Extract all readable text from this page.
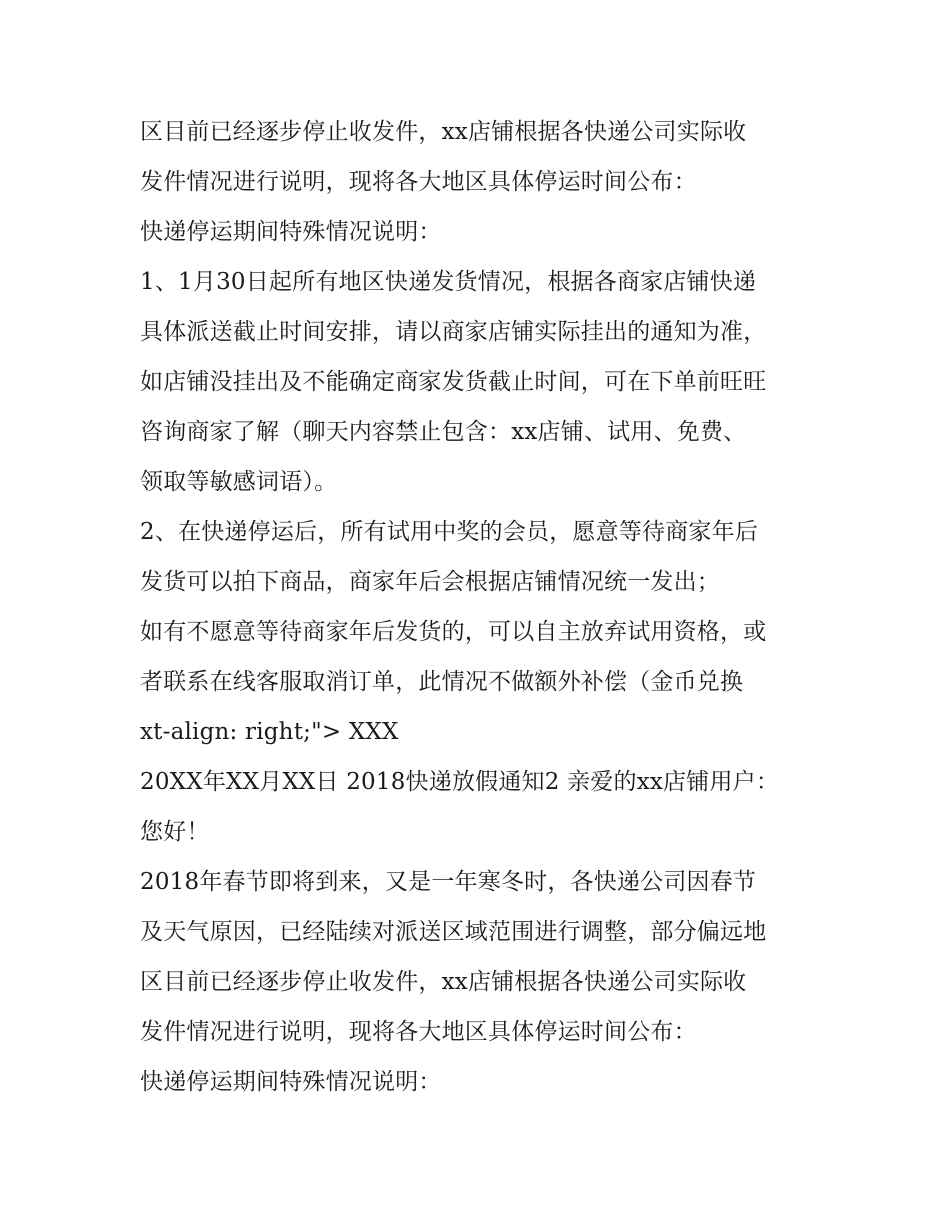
区目前已经逐步停止收发件，xx店铺根据各快递公司实际收
发件情况进行说明，现将各大地区具体停运时间公布：
快递停运期间特殊情况说明：
1、1月30日起所有地区快递发货情况，根据各商家店铺快递
具体派送截止时间安排，请以商家店铺实际挂出的通知为准，
如店铺没挂出及不能确定商家发货截止时间，可在下单前旺旺
咨询商家了解（聊天内容禁止包含：xx店铺、试用、免费、
领取等敏感词语）。
2、在快递停运后，所有试用中奖的会员，愿意等待商家年后
发货可以拍下商品，商家年后会根据店铺情况统一发出；
如有不愿意等待商家年后发货的，可以自主放弃试用资格，或
者联系在线客服取消订单，此情况不做额外补偿（金币兑换
xt-align: right;"> XXX
20XX年XX月XX日 2018快递放假通知2 亲爱的xx店铺用户：
您好！
2018年春节即将到来，又是一年寒冬时，各快递公司因春节
及天气原因，已经陆续对派送区域范围进行调整，部分偏远地
区目前已经逐步停止收发件，xx店铺根据各快递公司实际收
发件情况进行说明，现将各大地区具体停运时间公布：
快递停运期间特殊情况说明：
